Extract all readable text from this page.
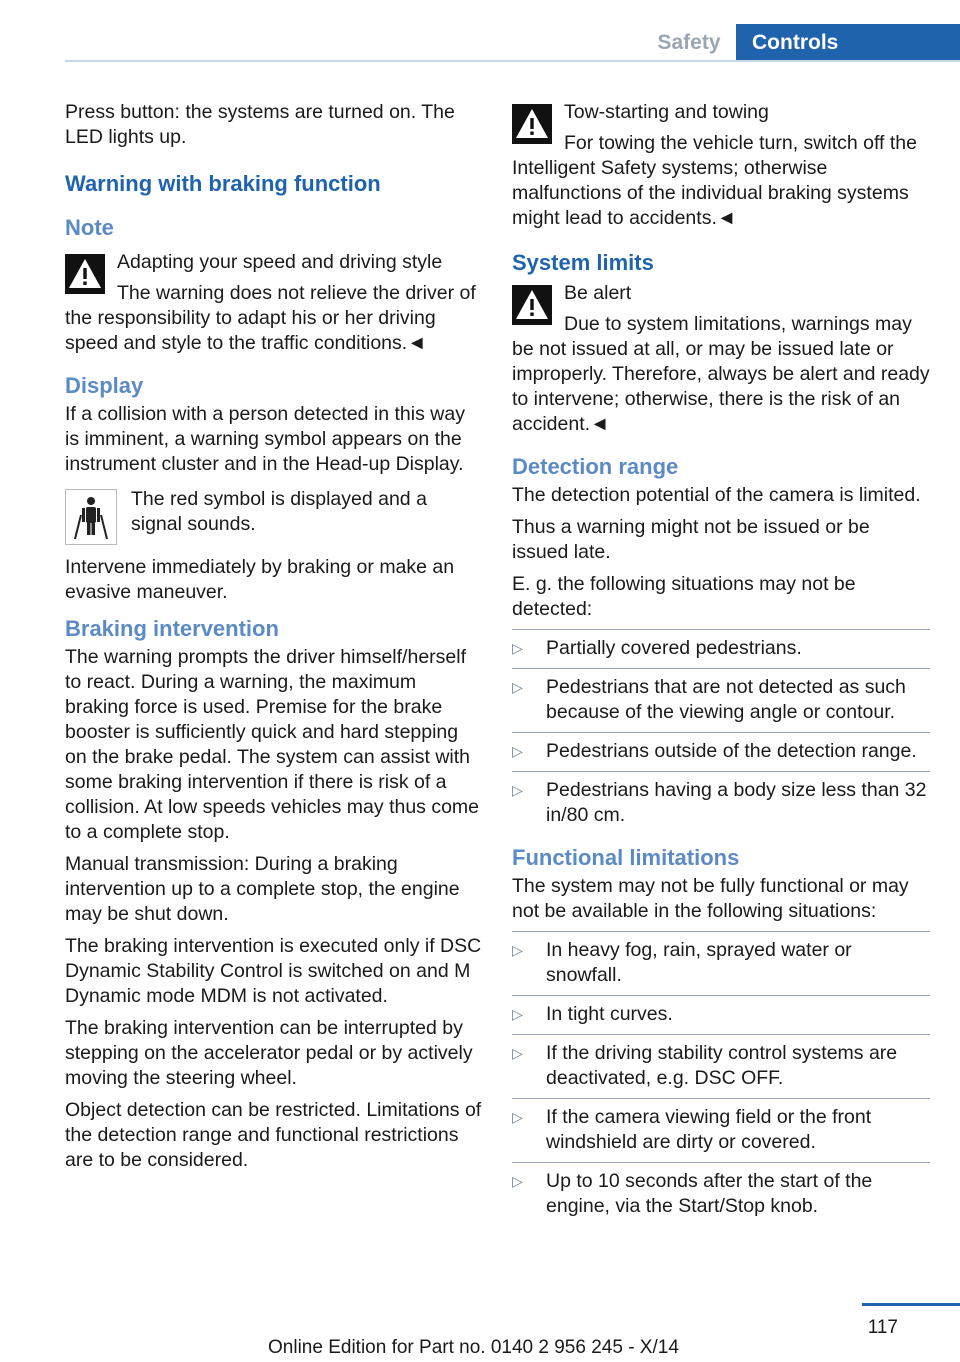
Safety	Controls

Press button: the systems are turned on. The LED lights up.

Warning with braking function
Note
Adapting your speed and driving style
The warning does not relieve the driver of the responsibility to adapt his or her driving speed and style to the traffic conditions.◄
Display

If a collision with a person detected in this way is imminent, a warning symbol appears on the instrument cluster and in the Head-up Display.

The red symbol is displayed and a signal sounds.

Intervene immediately by braking or make an evasive maneuver.

Braking intervention

The warning prompts the driver himself/herself to react. During a warning, the maximum braking force is used. Premise for the brake booster is sufficiently quick and hard stepping on the brake pedal. The system can assist with some braking intervention if there is risk of a collision. At low speeds vehicles may thus come to a complete stop.

Manual transmission: During a braking intervention up to a complete stop, the engine may be shut down.

The braking intervention is executed only if DSC Dynamic Stability Control is switched on and M Dynamic mode MDM is not activated.

The braking intervention can be interrupted by stepping on the accelerator pedal or by actively moving the steering wheel.

Object detection can be restricted. Limitations of the detection range and functional restrictions are to be considered.

Tow-starting and towing
For towing the vehicle turn, switch off the Intelligent Safety systems; otherwise malfunctions of the individual braking systems might lead to accidents.◄
System limits
Be alert
Due to system limitations, warnings may be not issued at all, or may be issued late or improperly. Therefore, always be alert and ready to intervene; otherwise, there is the risk of an accident.◄
Detection range

The detection potential of the camera is limited.

Thus a warning might not be issued or be issued late.

E. g. the following situations may not be detected:

▷ Partially covered pedestrians.
▷ Pedestrians that are not detected as such because of the viewing angle or contour.
▷ Pedestrians outside of the detection range.
▷ Pedestrians having a body size less than 32 in/80 cm.
Functional limitations

The system may not be fully functional or may not be available in the following situations:

▷ In heavy fog, rain, sprayed water or snowfall.
▷ In tight curves.
▷ If the driving stability control systems are deactivated, e.g. DSC OFF.
▷ If the camera viewing field or the front windshield are dirty or covered.
▷ Up to 10 seconds after the start of the engine, via the Start/Stop knob.
117
Online Edition for Part no. 0140 2 956 245 - X/14
